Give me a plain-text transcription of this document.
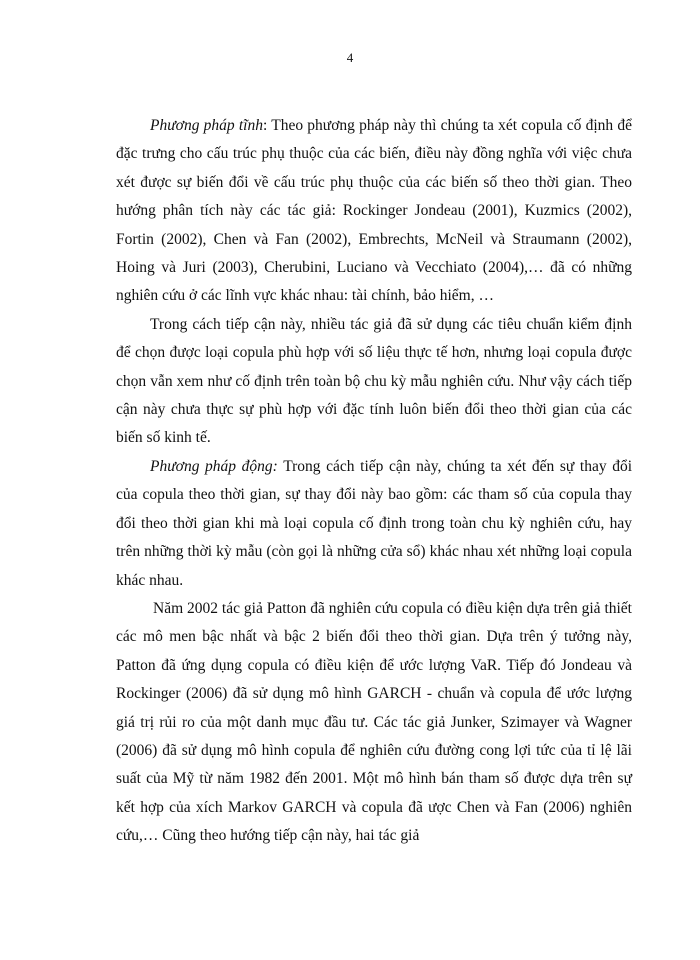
4

Phương pháp tĩnh: Theo phương pháp này thì chúng ta xét copula cố định để đặc trưng cho cấu trúc phụ thuộc của các biến, điều này đồng nghĩa với việc chưa xét được sự biến đổi về cấu trúc phụ thuộc của các biến số theo thời gian. Theo hướng phân tích này các tác giả: Rockinger Jondeau (2001), Kuzmics (2002), Fortin (2002), Chen và Fan (2002), Embrechts, McNeil và Straumann (2002), Hoing và Juri (2003), Cherubini, Luciano và Vecchiato (2004),… đã có những nghiên cứu ở các lĩnh vực khác nhau: tài chính, bảo hiểm, …

Trong cách tiếp cận này, nhiều tác giả đã sử dụng các tiêu chuẩn kiểm định để chọn được loại copula phù hợp với số liệu thực tế hơn, nhưng loại copula được chọn vẫn xem như cố định trên toàn bộ chu kỳ mẫu nghiên cứu. Như vậy cách tiếp cận này chưa thực sự phù hợp với đặc tính luôn biến đổi theo thời gian của các biến số kinh tế.

Phương pháp động: Trong cách tiếp cận này, chúng ta xét đến sự thay đổi của copula theo thời gian, sự thay đổi này bao gồm: các tham số của copula thay đổi theo thời gian khi mà loại copula cố định trong toàn chu kỳ nghiên cứu, hay trên những thời kỳ mẫu (còn gọi là những cửa sổ) khác nhau xét những loại copula khác nhau.

Năm 2002 tác giả Patton đã nghiên cứu copula có điều kiện dựa trên giả thiết các mô men bậc nhất và bậc 2 biến đổi theo thời gian. Dựa trên ý tưởng này, Patton đã ứng dụng copula có điều kiện để ước lượng VaR. Tiếp đó Jondeau và Rockinger (2006) đã sử dụng mô hình GARCH - chuẩn và copula để ước lượng giá trị rủi ro của một danh mục đầu tư. Các tác giả Junker, Szimayer và Wagner (2006) đã sử dụng mô hình copula để nghiên cứu đường cong lợi tức của tỉ lệ lãi suất của Mỹ từ năm 1982 đến 2001. Một mô hình bán tham số được dựa trên sự kết hợp của xích Markov GARCH và copula đã ược Chen và Fan (2006) nghiên cứu,… Cũng theo hướng tiếp cận này, hai tác giả
